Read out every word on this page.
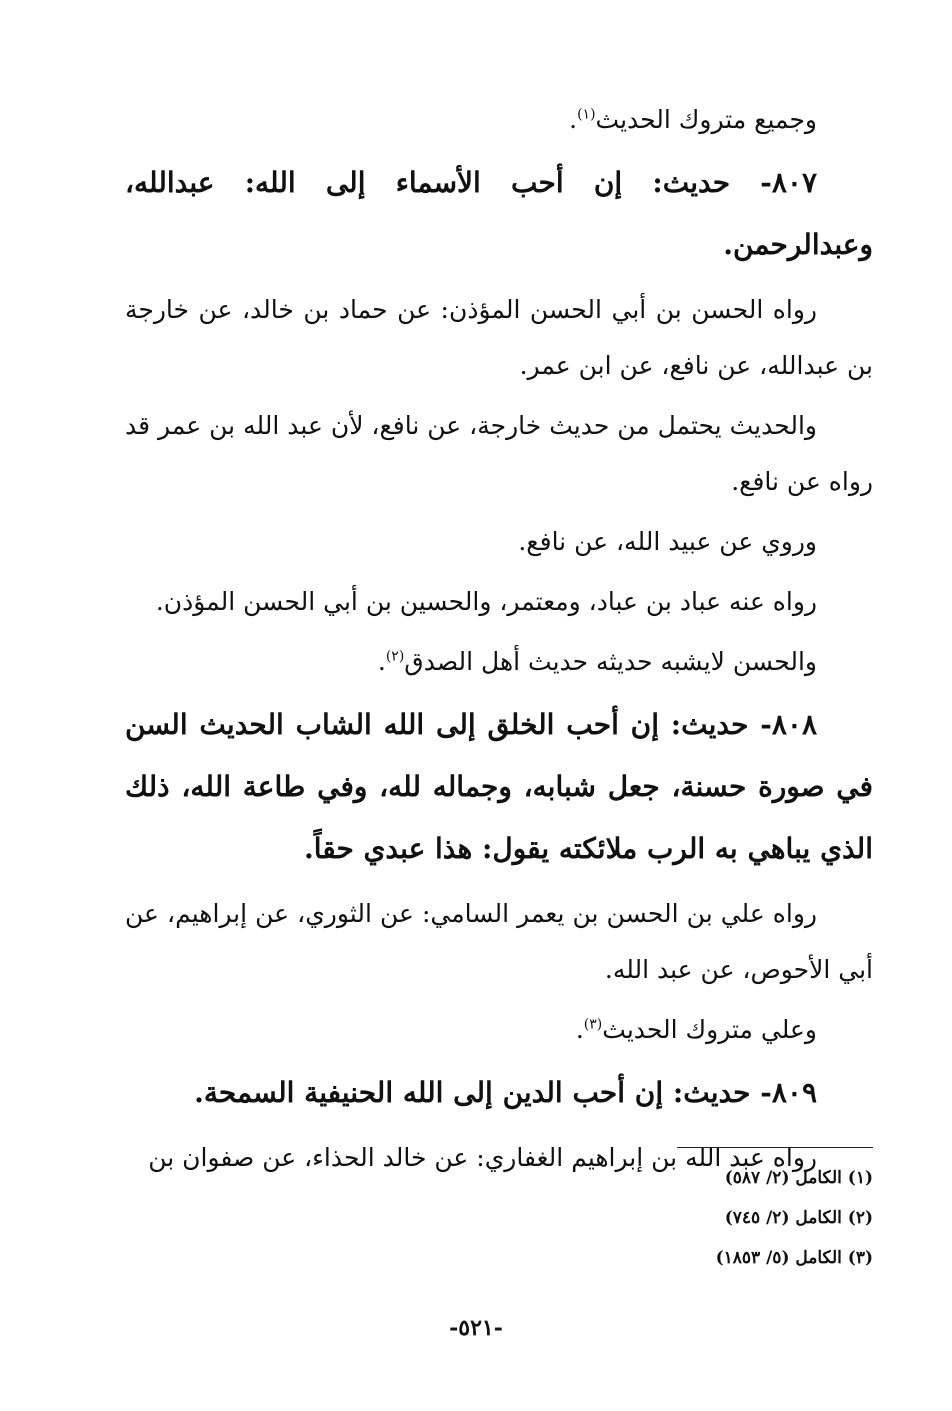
وجميع متروك الحديث$^{(١)}$.

٨٠٧- حديث: إن أحب الأسماء إلى الله: عبدالله، وعبدالرحمن.

رواه الحسن بن أبي الحسن المؤذن: عن حماد بن خالد، عن خارجة بن عبدالله، عن نافع، عن ابن عمر.

والحديث يحتمل من حديث خارجة، عن نافع، لأن عبد الله بن عمر قد رواه عن نافع.

وروي عن عبيد الله، عن نافع.

رواه عنه عباد بن عباد، ومعتمر، والحسين بن أبي الحسن المؤذن.

والحسن لايشبه حديثه حديث أهل الصدق$^{(٢)}$.

٨٠٨- حديث: إن أحب الخلق إلى الله الشاب الحديث السن في صورة حسنة، جعل شبابه، وجماله لله، وفي طاعة الله، ذلك الذي يباهي به الرب ملائكته يقول: هذا عبدي حقاً.

رواه علي بن الحسن بن يعمر السامي: عن الثوري، عن إبراهيم، عن أبي الأحوص، عن عبد الله.

وعلي متروك الحديث$^{(٣)}$.

٨٠٩- حديث: إن أحب الدين إلى الله الحنيفية السمحة.

رواه عبد الله بن إبراهيم الغفاري: عن خالد الحذاء، عن صفوان بن

(١) الكامل (٢/ ٥٨٧)

(٢) الكامل (٢/ ٧٤٥)

(٣) الكامل (٥/ ١٨٥٣)

-٥٢١-
